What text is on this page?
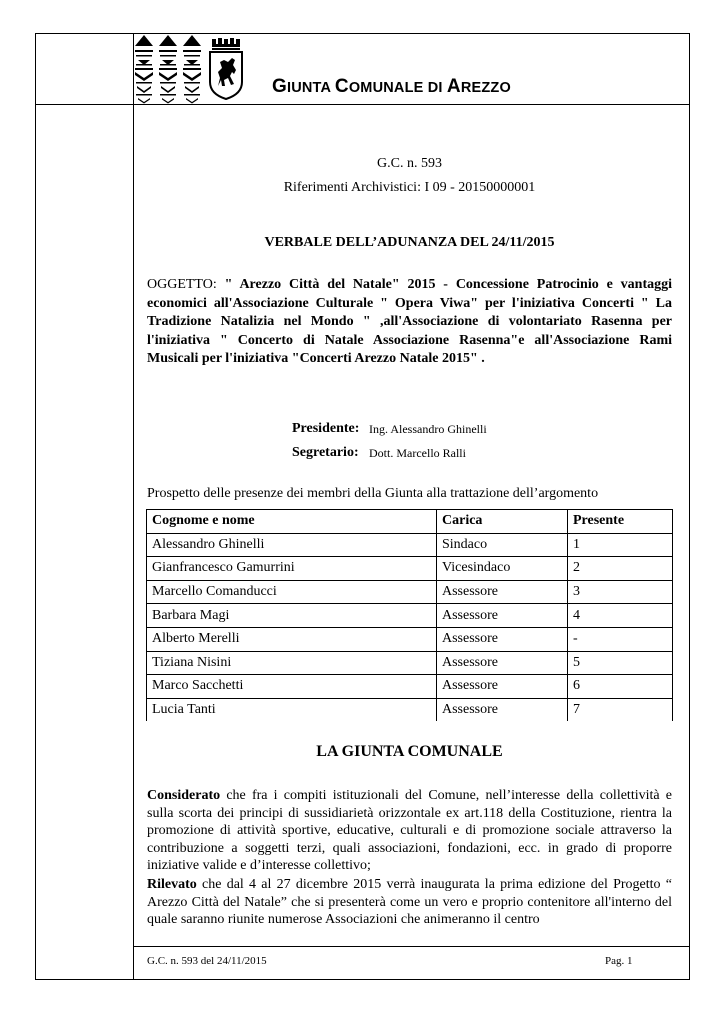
GIUNTA COMUNALE DI AREZZO
G.C. n. 593
Riferimenti Archivistici: I 09 - 20150000001
VERBALE DELL’ADUNANZA DEL 24/11/2015
OGGETTO: " Arezzo Città del Natale" 2015 - Concessione Patrocinio e vantaggi economici all'Associazione Culturale " Opera Viwa" per l'iniziativa Concerti " La Tradizione Natalizia nel Mondo " ,all'Associazione di volontariato Rasenna per l'iniziativa " Concerto di Natale Associazione Rasenna"e all'Associazione Rami Musicali per l'iniziativa "Concerti Arezzo Natale 2015" .
Presidente: Ing. Alessandro Ghinelli
Segretario: Dott. Marcello Ralli
Prospetto delle presenze dei membri della Giunta alla trattazione dell’argomento
Cognome e nome	Carica	Presente
Alessandro Ghinelli	Sindaco	1
Gianfrancesco Gamurrini	Vicesindaco	2
Marcello Comanducci	Assessore	3
Barbara Magi	Assessore	4
Alberto Merelli	Assessore	-
Tiziana Nisini	Assessore	5
Marco Sacchetti	Assessore	6
Lucia Tanti	Assessore	7
LA GIUNTA COMUNALE
Considerato che fra i compiti istituzionali del Comune, nell’interesse della collettività e sulla scorta dei principi di sussidiarietà orizzontale ex art.118 della Costituzione, rientra la promozione di attività sportive, educative, culturali e di promozione sociale attraverso la contribuzione a soggetti terzi, quali associazioni, fondazioni, ecc. in grado di proporre iniziative valide e d’interesse collettivo;
Rilevato che dal 4 al 27 dicembre 2015 verrà inaugurata la prima edizione del Progetto “ Arezzo Città del Natale” che si presenterà come un vero e proprio contenitore all'interno del quale saranno riunite numerose Associazioni che animeranno il centro
G.C. n. 593 del 24/11/2015	Pag. 1
